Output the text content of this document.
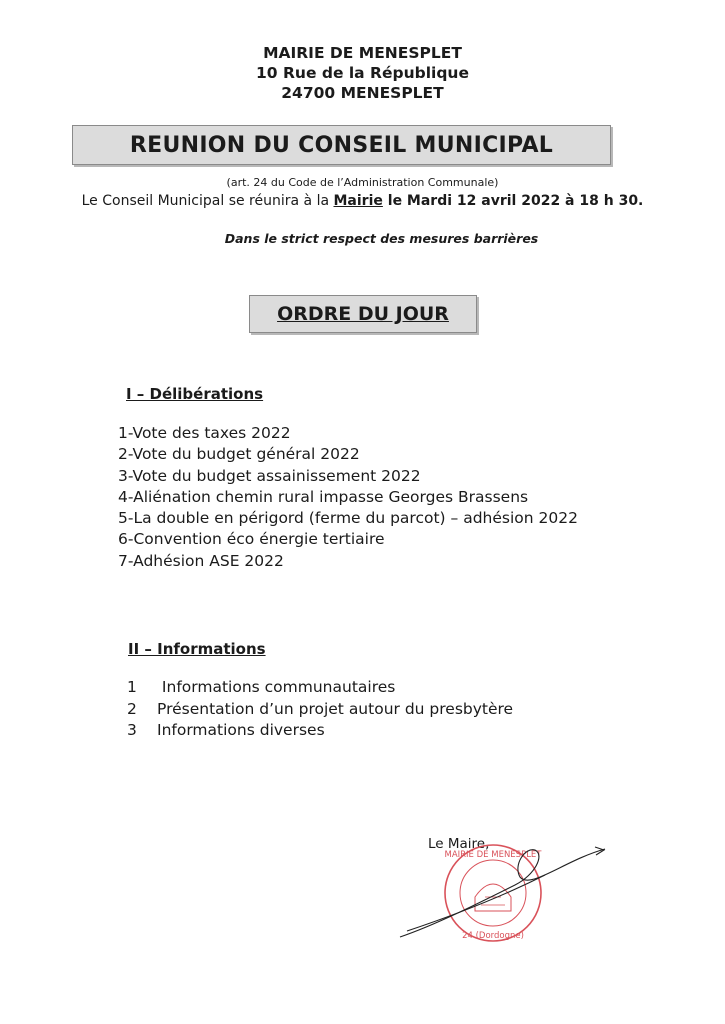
MAIRIE DE MENESPLET
10 Rue de la République
24700 MENESPLET
REUNION DU CONSEIL MUNICIPAL
(art. 24 du Code de l’Administration Communale)
Le Conseil Municipal se réunira à la Mairie le Mardi 12 avril 2022 à 18 h 30.
Dans le strict respect des mesures barrières
ORDRE DU JOUR
I – Délibérations
1-Vote des taxes 2022
2-Vote du budget général 2022
3-Vote du budget assainissement 2022
4-Aliénation chemin rural impasse Georges Brassens
5-La double en périgord (ferme du parcot) – adhésion 2022
6-Convention éco énergie tertiaire
7-Adhésion ASE 2022
II – Informations
1	Informations communautaires
2	Présentation d’un projet autour du presbytère
3	Informations diverses
Le Maire,
MAIRIE DE MENESPLET
24 (Dordogne)
